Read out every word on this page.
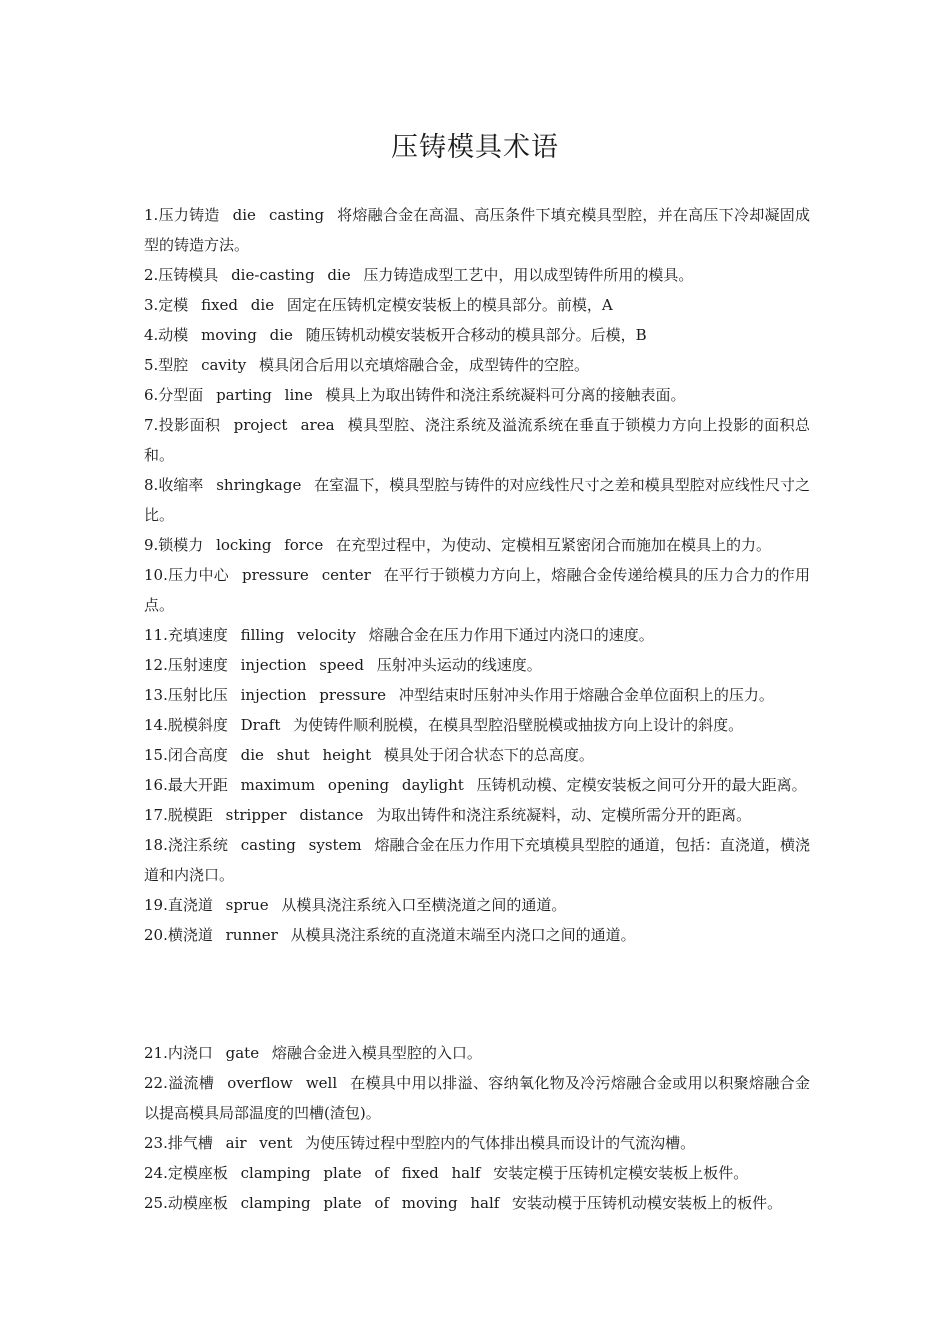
压铸模具术语
1.压力铸造 die casting 将熔融合金在高温、高压条件下填充模具型腔，并在高压下冷却凝固成型的铸造方法。
2.压铸模具 die-casting die 压力铸造成型工艺中，用以成型铸件所用的模具。
3.定模 fixed die 固定在压铸机定模安装板上的模具部分。前模，A
4.动模 moving die 随压铸机动模安装板开合移动的模具部分。后模，B
5.型腔 cavity 模具闭合后用以充填熔融合金，成型铸件的空腔。
6.分型面 parting line 模具上为取出铸件和浇注系统凝料可分离的接触表面。
7.投影面积 project area 模具型腔、浇注系统及溢流系统在垂直于锁模力方向上投影的面积总和。
8.收缩率 shringkage 在室温下，模具型腔与铸件的对应线性尺寸之差和模具型腔对应线性尺寸之比。
9.锁模力 locking force 在充型过程中，为使动、定模相互紧密闭合而施加在模具上的力。
10.压力中心 pressure center 在平行于锁模力方向上，熔融合金传递给模具的压力合力的作用点。
11.充填速度 filling velocity 熔融合金在压力作用下通过内浇口的速度。
12.压射速度 injection speed 压射冲头运动的线速度。
13.压射比压 injection pressure 冲型结束时压射冲头作用于熔融合金单位面积上的压力。
14.脱模斜度 Draft 为使铸件顺利脱模，在模具型腔沿壁脱模或抽拔方向上设计的斜度。
15.闭合高度 die shut height 模具处于闭合状态下的总高度。
16.最大开距 maximum opening daylight 压铸机动模、定模安装板之间可分开的最大距离。
17.脱模距 stripper distance 为取出铸件和浇注系统凝料，动、定模所需分开的距离。
18.浇注系统 casting system 熔融合金在压力作用下充填模具型腔的通道，包括：直浇道，横浇道和内浇口。
19.直浇道 sprue 从模具浇注系统入口至横浇道之间的通道。
20.横浇道 runner 从模具浇注系统的直浇道末端至内浇口之间的通道。
21.内浇口 gate 熔融合金进入模具型腔的入口。
22.溢流槽 overflow well 在模具中用以排溢、容纳氧化物及冷污熔融合金或用以积聚熔融合金以提高模具局部温度的凹槽(渣包)。
23.排气槽 air vent 为使压铸过程中型腔内的气体排出模具而设计的气流沟槽。
24.定模座板 clamping plate of fixed half 安装定模于压铸机定模安装板上板件。
25.动模座板 clamping plate of moving half 安装动模于压铸机动模安装板上的板件。
